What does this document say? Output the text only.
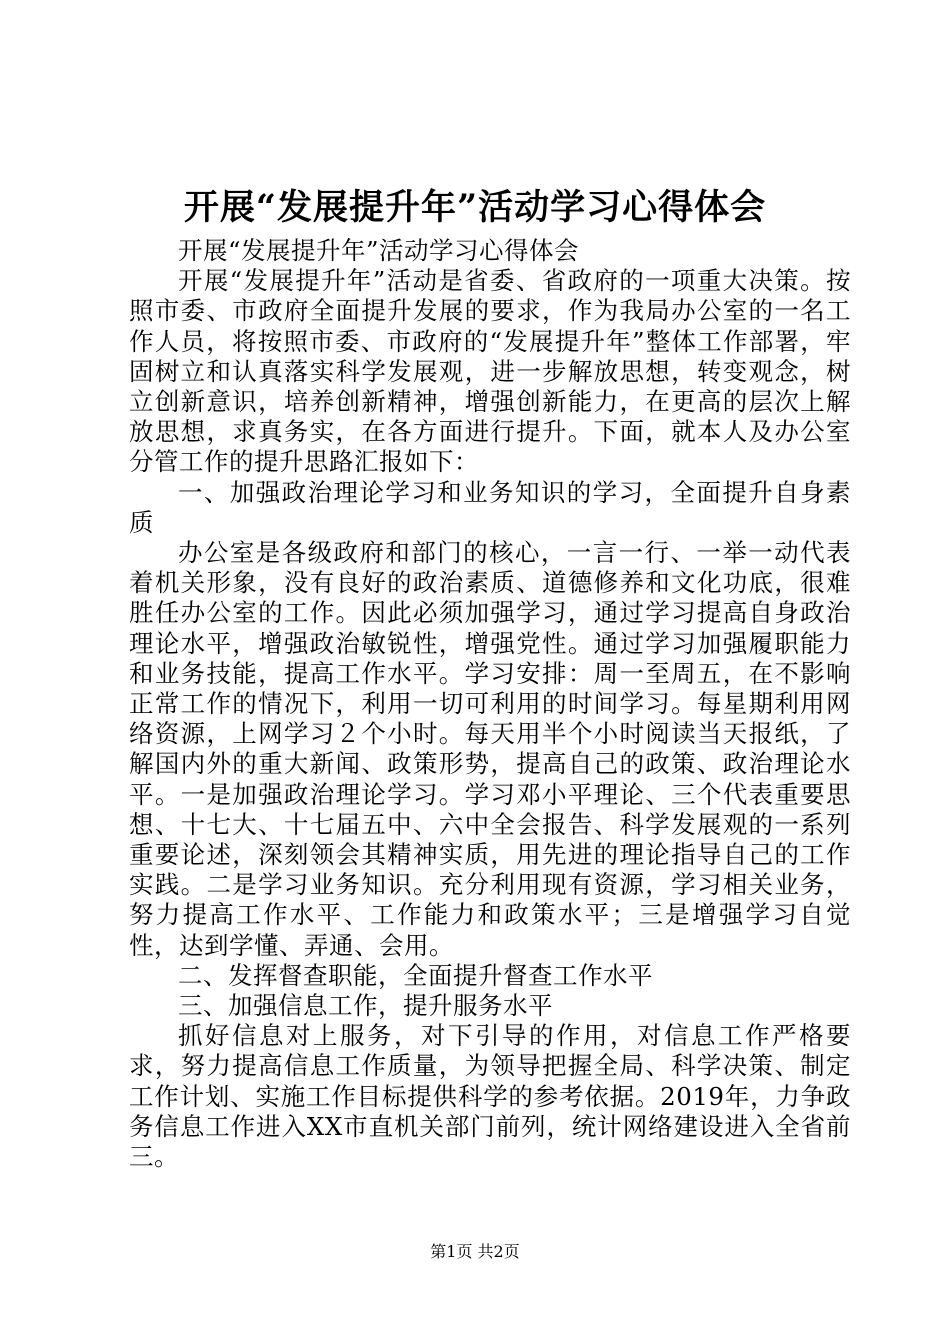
开展“发展提升年”活动学习心得体会

开展“发展提升年”活动学习心得体会

开展“发展提升年”活动是省委、省政府的一项重大决策。按照市委、市政府全面提升发展的要求，作为我局办公室的一名工作人员，将按照市委、市政府的“发展提升年”整体工作部署，牢固树立和认真落实科学发展观，进一步解放思想，转变观念，树立创新意识，培养创新精神，增强创新能力，在更高的层次上解放思想，求真务实，在各方面进行提升。下面，就本人及办公室分管工作的提升思路汇报如下：

一、加强政治理论学习和业务知识的学习，全面提升自身素质

办公室是各级政府和部门的核心，一言一行、一举一动代表着机关形象，没有良好的政治素质、道德修养和文化功底，很难胜任办公室的工作。因此必须加强学习，通过学习提高自身政治理论水平，增强政治敏锐性，增强党性。通过学习加强履职能力和业务技能，提高工作水平。学习安排：周一至周五，在不影响正常工作的情况下，利用一切可利用的时间学习。每星期利用网络资源，上网学习２个小时。每天用半个小时阅读当天报纸，了解国内外的重大新闻、政策形势，提高自己的政策、政治理论水平。一是加强政治理论学习。学习邓小平理论、三个代表重要思想、十七大、十七届五中、六中全会报告、科学发展观的一系列重要论述，深刻领会其精神实质，用先进的理论指导自己的工作实践。二是学习业务知识。充分利用现有资源，学习相关业务，努力提高工作水平、工作能力和政策水平；三是增强学习自觉性，达到学懂、弄通、会用。

二、发挥督查职能，全面提升督查工作水平

三、加强信息工作，提升服务水平

抓好信息对上服务，对下引导的作用，对信息工作严格要求，努力提高信息工作质量，为领导把握全局、科学决策、制定工作计划、实施工作目标提供科学的参考依据。2019年，力争政务信息工作进入XX市直机关部门前列，统计网络建设进入全省前三。

第1页 共2页
